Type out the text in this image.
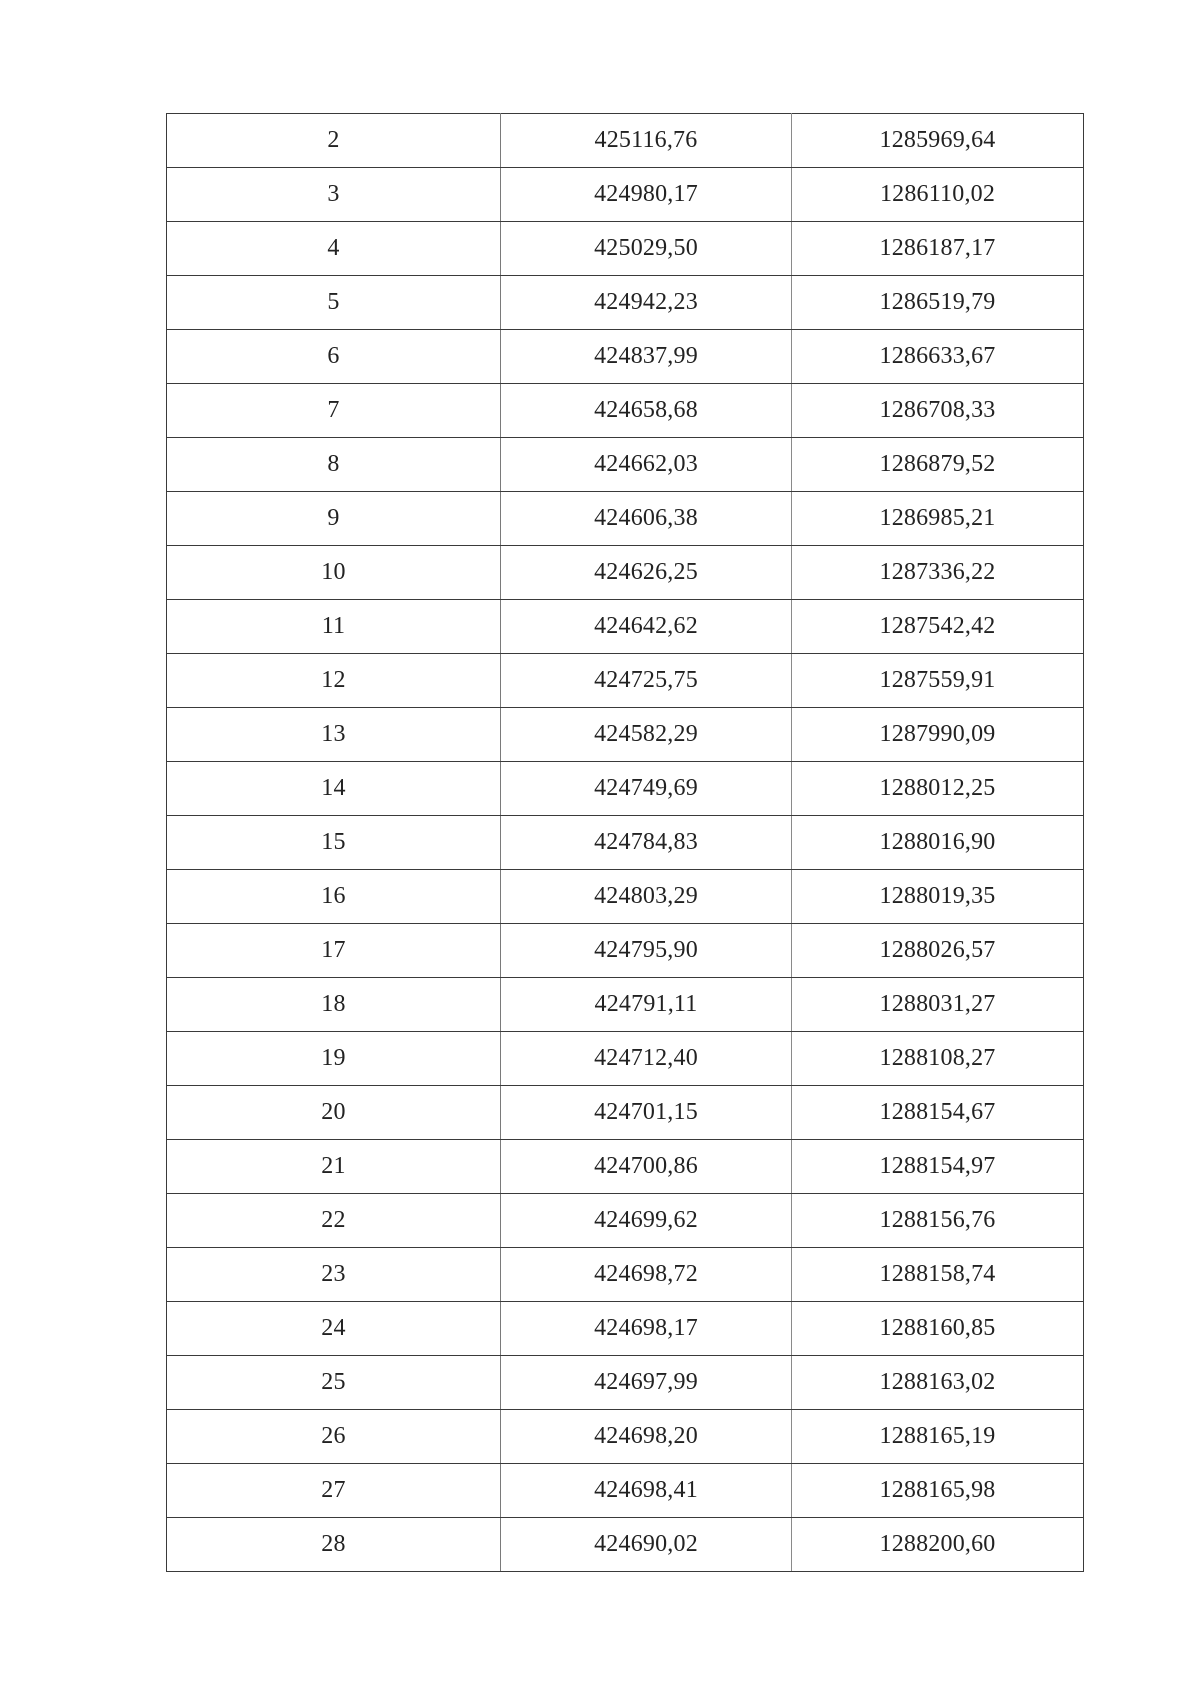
2	425116,76	1285969,64
3	424980,17	1286110,02
4	425029,50	1286187,17
5	424942,23	1286519,79
6	424837,99	1286633,67
7	424658,68	1286708,33
8	424662,03	1286879,52
9	424606,38	1286985,21
10	424626,25	1287336,22
11	424642,62	1287542,42
12	424725,75	1287559,91
13	424582,29	1287990,09
14	424749,69	1288012,25
15	424784,83	1288016,90
16	424803,29	1288019,35
17	424795,90	1288026,57
18	424791,11	1288031,27
19	424712,40	1288108,27
20	424701,15	1288154,67
21	424700,86	1288154,97
22	424699,62	1288156,76
23	424698,72	1288158,74
24	424698,17	1288160,85
25	424697,99	1288163,02
26	424698,20	1288165,19
27	424698,41	1288165,98
28	424690,02	1288200,60
